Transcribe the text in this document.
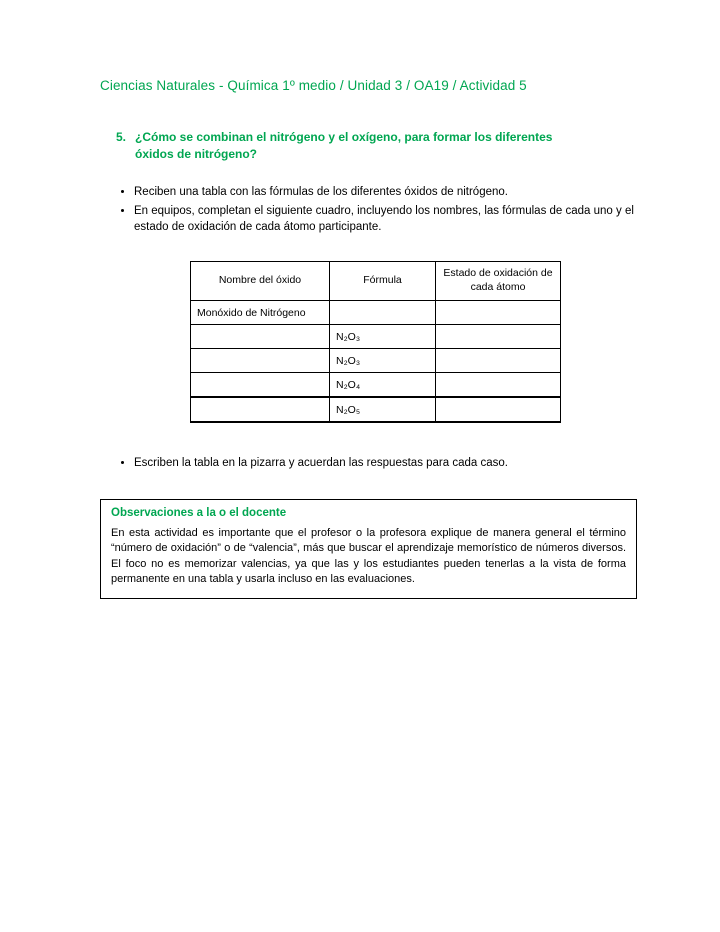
Ciencias Naturales - Química 1º medio / Unidad 3 / OA19 / Actividad 5
5. ¿Cómo se combinan el nitrógeno y el oxígeno, para formar los diferentes óxidos de nitrógeno?
• Reciben una tabla con las fórmulas de los diferentes óxidos de nitrógeno.
• En equipos, completan el siguiente cuadro, incluyendo los nombres, las fórmulas de cada uno y el estado de oxidación de cada átomo participante.
Nombre del óxido	Fórmula	Estado de oxidación de cada átomo
Monóxido de Nitrógeno		
	N₂O₃	
	N₂O₃	
	N₂O₄	
	N₂O₅	
• Escriben la tabla en la pizarra y acuerdan las respuestas para cada caso.
Observaciones a la o el docente

En esta actividad es importante que el profesor o la profesora explique de manera general el término “número de oxidación” o de “valencia”, más que buscar el aprendizaje memorístico de números diversos. El foco no es memorizar valencias, ya que las y los estudiantes pueden tenerlas a la vista de forma permanente en una tabla y usarla incluso en las evaluaciones.
